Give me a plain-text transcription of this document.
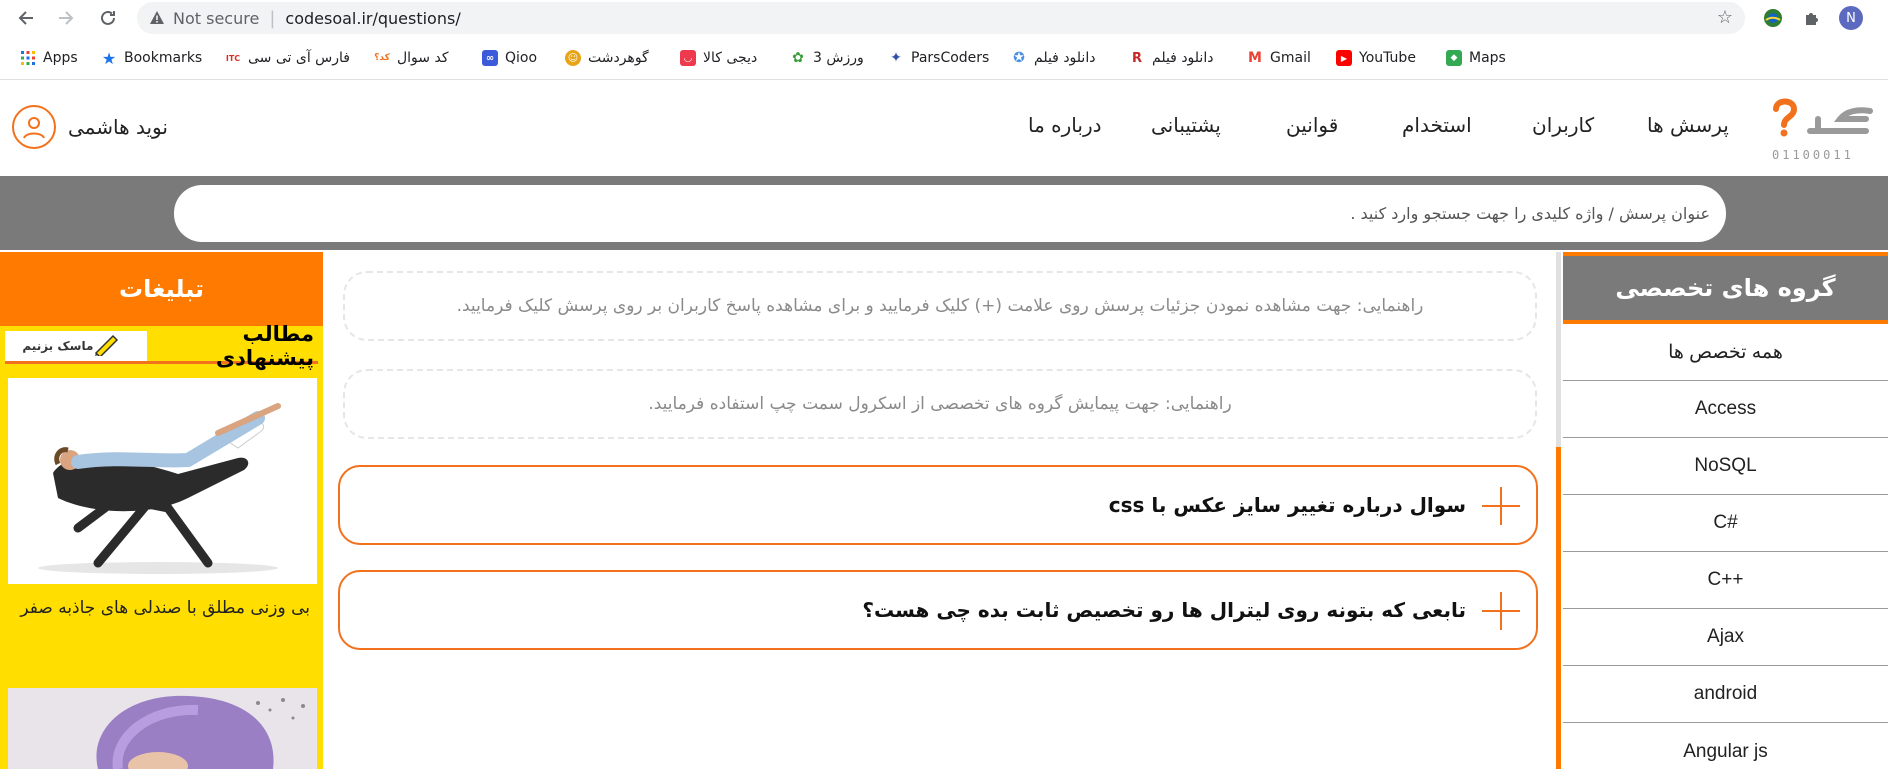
Not secure | codesoal.ir/questions/	☆	N
Apps ★ Bookmarks	ITC فارس آی تی سی	کد؟ کد سوال	∞ Qioo	☺ گوهردشت	◡ دیجی کالا ✿ ورزش 3 ✦ ParsCoders ✪ دانلود فیلم	R دانلود فیلم M Gmail	▶ YouTube	◆ Maps
01100011
پرسش ها
کاربران
استخدام
قوانین
پشتیبانی
درباره ما
نوید هاشمی
عنوان پرسش / واژه کلیدی را جهت جستجو وارد کنید .
تبلیغات
ماسک بزنیم	مطالب پیشنهادی
بی وزنی مطلق با صندلی های جاذبه صفر
راهنمایی: جهت مشاهده نمودن جزئیات پرسش روی علامت (+) کلیک فرمایید و برای مشاهده پاسخ کاربران بر روی پرسش کلیک فرمایید.
راهنمایی: جهت پیمایش گروه های تخصصی از اسکرول سمت چپ استفاده فرمایید.
سوال درباره تغییر سایز عکس با css
تابعی که بتونه روی لیترال ها رو تخصیص ثابت بده چی هست؟
گروه های تخصصی
همه تخصص ها
Access
NoSQL
C#
C++
Ajax
android
Angular js
